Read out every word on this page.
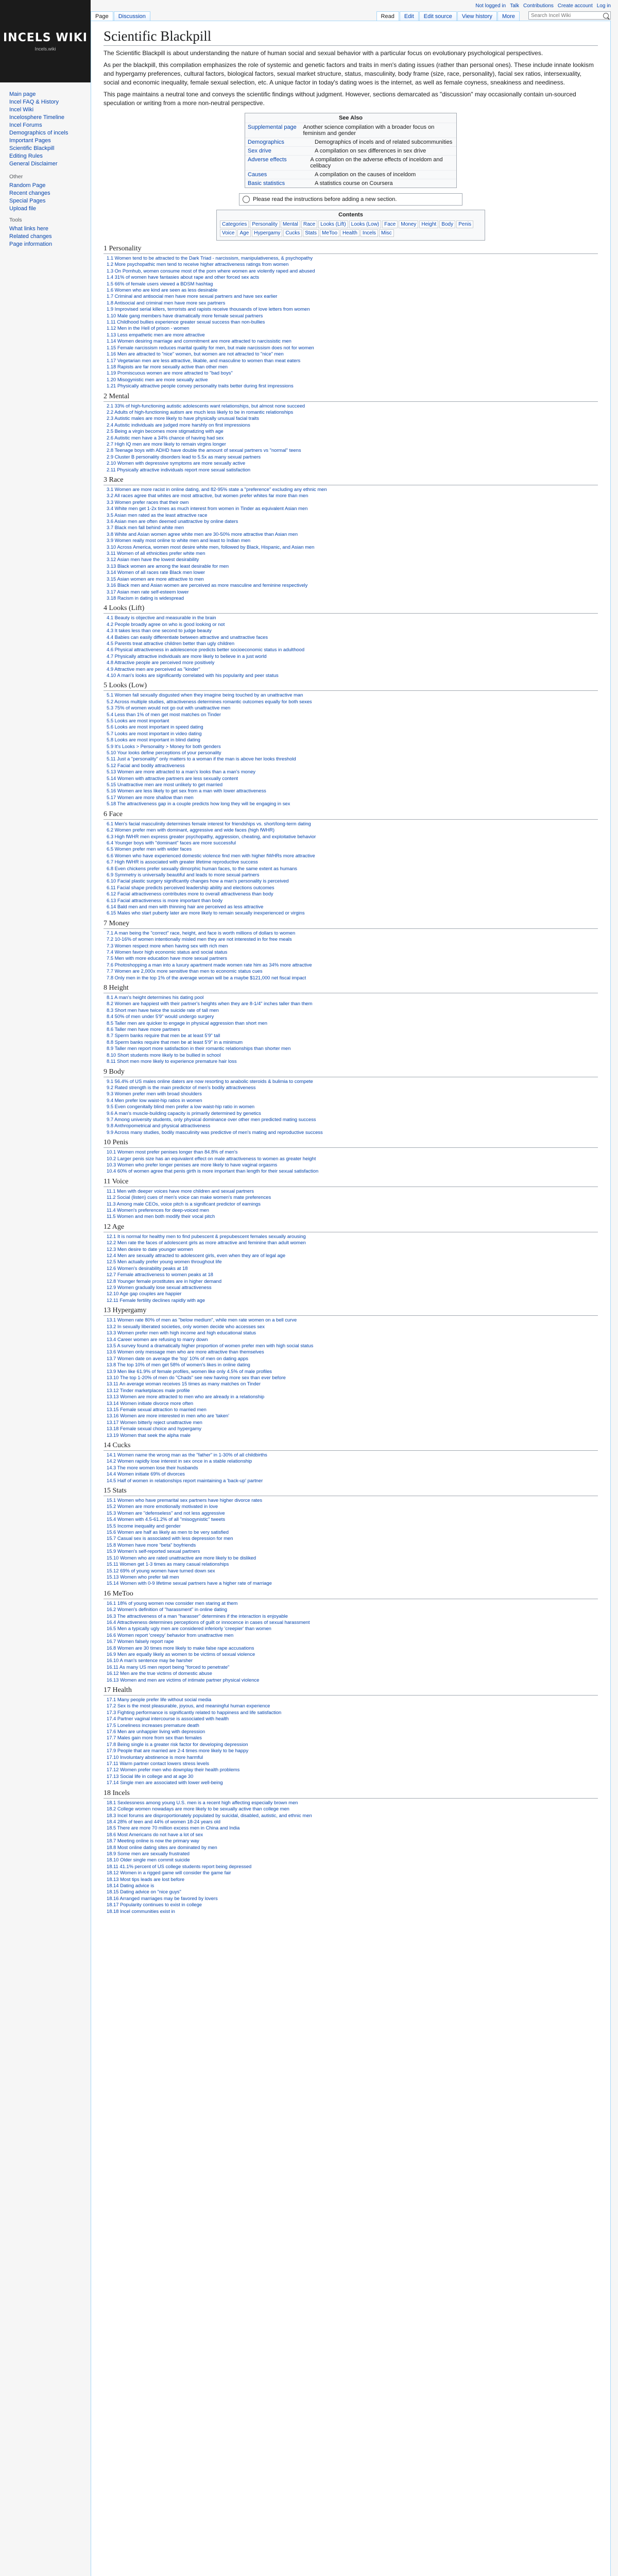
INCELS WIKI
Incels.wiki
Main page
Incel FAQ & History
Incel Wiki
Incelosphere Timeline
Incel Forums
Demographics of incels
Important Pages
Scientific Blackpill
Editing Rules
General Disclaimer
Other
Random Page
Recent changes
Special Pages
Upload file
Tools
What links here
Related changes
Page information
Not logged in Talk Contributions Create account Log in
Page	Discussion	Read	Edit	Edit source	View history	More
Search Incel Wiki
Scientific Blackpill

The Scientific Blackpill is about understanding the nature of human social and sexual behavior with a particular focus on evolutionary psychological perspectives.

As per the blackpill, this compilation emphasizes the role of systemic and genetic factors and traits in men's dating issues (rather than personal ones). These include innate lookism and hypergamy preferences, cultural factors, biological factors, sexual market structure, status, masculinity, body frame (size, race, personality), facial sex ratios, intersexuality, social and economic inequality, female sexual selection, etc. A unique factor in today's dating woes is the internet, as well as female coyness, sneakiness and neediness.

This page maintains a neutral tone and conveys the scientific findings without judgment. However, sections demarcated as "discussion" may occasionally contain un-sourced speculation or writing from a more non-neutral perspective.

See Also
Supplemental page	Another science compilation with a broader focus on feminism and gender
Demographics	Demographics of incels and of related subcommunities
Sex drive	A compilation on sex differences in sex drive
Adverse effects	A compilation on the adverse effects of inceldom and celibacy
Causes	A compilation on the causes of inceldom
Basic statistics	A statistics course on Coursera
Please read the instructions before adding a new section.
Contents
Categories	Personality	Mental	Race	Looks (Lift)	Looks (Low)	Face	Money	Height	Body	Penis
Voice	Age	Hypergamy	Cucks	Stats	MeToo	Health	Incels	Misc
1 Personality
1.1 Women tend to be attracted to the Dark Triad - narcissism, manipulativeness, & psychopathy
1.2 More psychopathic men tend to receive higher attractiveness ratings from women
1.3 On Pornhub, women consume most of the porn where women are violently raped and abused
1.4 31% of women have fantasies about rape and other forced sex acts
1.5 66% of female users viewed a BDSM hashtag
1.6 Women who are kind are seen as less desirable
1.7 Criminal and antisocial men have more sexual partners and have sex earlier
1.8 Antisocial and criminal men have more sex partners
1.9 Improvised serial killers, terrorists and rapists receive thousands of love letters from women
1.10 Male gang members have dramatically more female sexual partners
1.11 Childhood bullies experience greater sexual success than non-bullies
1.12 Men in the Hell of prison - women
1.13 Less empathetic men are more attractive
1.14 Women desiring marriage and commitment are more attracted to narcissistic men
1.15 Female narcissism reduces marital quality for men, but male narcissism does not for women
1.16 Men are attracted to "nice" women, but women are not attracted to "nice" men
1.17 Vegetarian men are less attractive, likable, and masculine to women than meat eaters
1.18 Rapists are far more sexually active than other men
1.19 Promiscuous women are more attracted to "bad boys"
1.20 Misogynistic men are more sexually active
1.21 Physically attractive people convey personality traits better during first impressions
2 Mental
2.1 33% of high-functioning autistic adolescents want relationships, but almost none succeed
2.2 Adults of high-functioning autism are much less likely to be in romantic relationships
2.3 Autistic males are more likely to have physically unusual facial traits
2.4 Autistic individuals are judged more harshly on first impressions
2.5 Being a virgin becomes more stigmatizing with age
2.6 Autistic men have a 34% chance of having had sex
2.7 High IQ men are more likely to remain virgins longer
2.8 Teenage boys with ADHD have double the amount of sexual partners vs "normal" teens
2.9 Cluster B personality disorders lead to 5.5x as many sexual partners
2.10 Women with depressive symptoms are more sexually active
2.11 Physically attractive individuals report more sexual satisfaction
3 Race
3.1 Women are more racist in online dating, and 82-95% state a "preference" excluding any ethnic men
3.2 All races agree that whites are most attractive, but women prefer whites far more than men
3.3 Women prefer races that their own
3.4 White men get 1-2x times as much interest from women in Tinder as equivalent Asian men
3.5 Asian men rated as the least attractive race
3.6 Asian men are often deemed unattractive by online daters
3.7 Black men fall behind white men
3.8 White and Asian women agree white men are 30-50% more attractive than Asian men
3.9 Women really most online to white men and least to Indian men
3.10 Across America, women most desire white men, followed by Black, Hispanic, and Asian men
3.11 Women of all ethnicities prefer white men
3.12 Asian men have the lowest desirability
3.13 Black women are among the least desirable for men
3.14 Women of all races rate Black men lower
3.15 Asian women are more attractive to men
3.16 Black men and Asian women are perceived as more masculine and feminine respectively
3.17 Asian men rate self-esteem lower
3.18 Racism in dating is widespread
4 Looks (Lift)
4.1 Beauty is objective and measurable in the brain
4.2 People broadly agree on who is good looking or not
4.3 It takes less than one second to judge beauty
4.4 Babies can easily differentiate between attractive and unattractive faces
4.5 Parents treat attractive children better than ugly children
4.6 Physical attractiveness in adolescence predicts better socioeconomic status in adulthood
4.7 Physically attractive individuals are more likely to believe in a just world
4.8 Attractive people are perceived more positively
4.9 Attractive men are perceived as "kinder"
4.10 A man's looks are significantly correlated with his popularity and peer status
5 Looks (Low)
5.1 Women fall sexually disgusted when they imagine being touched by an unattractive man
5.2 Across multiple studies, attractiveness determines romantic outcomes equally for both sexes
5.3 75% of women would not go out with unattractive men
5.4 Less than 1% of men get most matches on Tinder
5.5 Looks are most important
5.6 Looks are most important in speed dating
5.7 Looks are most important in video dating
5.8 Looks are most important in blind dating
5.9 It's Looks > Personality > Money for both genders
5.10 Your looks define perceptions of your personality
5.11 Just a "personality" only matters to a woman if the man is above her looks threshold
5.12 Facial and bodily attractiveness
5.13 Women are more attracted to a man's looks than a man's money
5.14 Women with attractive partners are less sexually content
5.15 Unattractive men are most unlikely to get married
5.16 Women are less likely to get sex from a man with lower attractiveness
5.17 Women are more shallow than men
5.18 The attractiveness gap in a couple predicts how long they will be engaging in sex
6 Face
6.1 Men's facial masculinity determines female interest for friendships vs. short/long-term dating
6.2 Women prefer men with dominant, aggressive and wide faces (high fWHR)
6.3 High fWHR men express greater psychopathy, aggression, cheating, and exploitative behavior
6.4 Younger boys with "dominant" faces are more successful
6.5 Women prefer men with wider faces
6.6 Women who have experienced domestic violence find men with higher fWHRs more attractive
6.7 High fWHR is associated with greater lifetime reproductive success
6.8 Even chickens prefer sexually dimorphic human faces, to the same extent as humans
6.9 Symmetry is universally beautiful and leads to more sexual partners
6.10 Facial plastic surgery significantly changes how a man's personality is perceived
6.11 Facial shape predicts perceived leadership ability and elections outcomes
6.12 Facial attractiveness contributes more to overall attractiveness than body
6.13 Facial attractiveness is more important than body
6.14 Bald men and men with thinning hair are perceived as less attractive
6.15 Males who start puberty later are more likely to remain sexually inexperienced or virgins
7 Money
7.1 A man being the "correct" race, height, and face is worth millions of dollars to women
7.2 10-16% of women intentionally misled men they are not interested in for free meals
7.3 Women respect more when having sex with rich men
7.4 Women favor high economic status and social status
7.5 Men with more education have more sexual partners
7.6 Photoshopping a man into a luxury apartment made women rate him as 34% more attractive
7.7 Women are 2,000x more sensitive than men to economic status cues
7.8 Only men in the top 1% of the average woman will be a maybe $121,000 net fiscal impact
8 Height
8.1 A man's height determines his dating pool
8.2 Women are happiest with their partner's heights when they are 8-1/4" inches taller than them
8.3 Short men have twice the suicide rate of tall men
8.4 50% of men under 5'9" would undergo surgery
8.5 Taller men are quicker to engage in physical aggression than short men
8.6 Taller men have more partners
8.7 Sperm banks require that men be at least 5'9" tall
8.8 Sperm banks require that men be at least 5'9" in a minimum
8.9 Taller men report more satisfaction in their romantic relationships than shorter men
8.10 Short students more likely to be bullied in school
8.11 Short men more likely to experience premature hair loss
9 Body
9.1 56.4% of US males online daters are now resorting to anabolic steroids & bulimia to compete
9.2 Rated strength is the main predictor of men's bodily attractiveness
9.3 Women prefer men with broad shoulders
9.4 Men prefer low waist-hip ratios in women
9.5 Even congenitally blind men prefer a low waist-hip ratio in women
9.6 A man's muscle-building capacity is primarily determined by genetics
9.7 Among university students, only physical dominance over other men predicted mating success
9.8 Anthropometrical and physical attractiveness
9.9 Across many studies, bodily masculinity was predictive of men's mating and reproductive success
10 Penis
10.1 Women most prefer penises longer than 84.8% of men's
10.2 Larger penis size has an equivalent effect on male attractiveness to women as greater height
10.3 Women who prefer longer penises are more likely to have vaginal orgasms
10.4 60% of women agree that penis girth is more important than length for their sexual satisfaction
11 Voice
11.1 Men with deeper voices have more children and sexual partners
11.2 Social (listen) cues of men's voice can make women's mate preferences
11.3 Among male CEOs, voice pitch is a significant predictor of earnings
11.4 Women's preferences for deep-voiced men
11.5 Women and men both modify their vocal pitch
12 Age
12.1 It is normal for healthy men to find pubescent & prepubescent females sexually arousing
12.2 Men rate the faces of adolescent girls as more attractive and feminine than adult women
12.3 Men desire to date younger women
12.4 Men are sexually attracted to adolescent girls, even when they are of legal age
12.5 Men actually prefer young women throughout life
12.6 Women's desirability peaks at 18
12.7 Female attractiveness to women peaks at 18
12.8 Younger female prostitutes are in higher demand
12.9 Women gradually lose sexual attractiveness
12.10 Age gap couples are happier
12.11 Female fertility declines rapidly with age
13 Hypergamy
13.1 Women rate 80% of men as "below medium", while men rate women on a bell curve
13.2 In sexually liberated societies, only women decide who accesses sex
13.3 Women prefer men with high income and high educational status
13.4 Career women are refusing to marry down
13.5 A survey found a dramatically higher proportion of women prefer men with high social status
13.6 Women only message men who are more attractive than themselves
13.7 Women date on average the 'top' 10% of men on dating apps
13.8 The top 10% of men get 58% of women's likes in online dating
13.9 Men like 61.9% of female profiles, women like only 4.5% of male profiles
13.10 The top 1-20% of men do "Chads" see new having more sex than ever before
13.11 An average woman receives 15 times as many matches on Tinder
13.12 Tinder marketplaces male profile
13.13 Women are more attracted to men who are already in a relationship
13.14 Women initiate divorce more often
13.15 Female sexual attraction to married men
13.16 Women are more interested in men who are 'taken'
13.17 Women bitterly reject unattractive men
13.18 Female sexual choice and hypergamy
13.19 Women that seek the alpha male
14 Cucks
14.1 Women name the wrong man as the "father" in 1-30% of all childbirths
14.2 Women rapidly lose interest in sex once in a stable relationship
14.3 The more women lose their husbands
14.4 Women initiate 69% of divorces
14.5 Half of women in relationships report maintaining a 'back-up' partner
15 Stats
15.1 Women who have premarital sex partners have higher divorce rates
15.2 Women are more emotionally motivated in love
15.3 Women are "defenseless" and not less aggressive
15.4 Women with 4.5-61.2% of all "misogynistic" tweets
15.5 Income inequality and gender
15.6 Women are half as likely as men to be very satisfied
15.7 Casual sex is associated with less depression for men
15.8 Women have more "beta" boyfriends
15.9 Women's self-reported sexual partners
15.10 Women who are rated unattractive are more likely to be disliked
15.11 Women get 1-3 times as many casual relationships
15.12 69% of young women have turned down sex
15.13 Women who prefer tall men
15.14 Women with 0-9 lifetime sexual partners have a higher rate of marriage
16 MeToo
16.1 18% of young women now consider men staring at them
16.2 Women's definition of "harassment" in online dating
16.3 The attractiveness of a man "harasser" determines if the interaction is enjoyable
16.4 Attractiveness determines perceptions of guilt or innocence in cases of sexual harassment
16.5 Men a typically ugly men are considered inferiorly 'creepier' than women
16.6 Women report 'creepy' behavior from unattractive men
16.7 Women falsely report rape
16.8 Women are 30 times more likely to make false rape accusations
16.9 Men are equally likely as women to be victims of sexual violence
16.10 A man's sentence may be harsher
16.11 As many US men report being "forced to penetrate"
16.12 Men are the true victims of domestic abuse
16.13 Women and men are victims of intimate partner physical violence
17 Health
17.1 Many people prefer life without social media
17.2 Sex is the most pleasurable, joyous, and meaningful human experience
17.3 Fighting performance is significantly related to happiness and life satisfaction
17.4 Partner vaginal intercourse is associated with health
17.5 Loneliness increases premature death
17.6 Men are unhappier living with depression
17.7 Males gain more from sex than females
17.8 Being single is a greater risk factor for developing depression
17.9 People that are married are 2-4 times more likely to be happy
17.10 Involuntary abstinence is more harmful
17.11 Warm partner contact lowers stress levels
17.12 Women prefer men who downplay their health problems
17.13 Social life in college and at age 30
17.14 Single men are associated with lower well-being
18 Incels
18.1 Sexlessness among young U.S. men is a recent high affecting especially brown men
18.2 College women nowadays are more likely to be sexually active than college men
18.3 Incel forums are disproportionately populated by suicidal, disabled, autistic, and ethnic men
18.4 28% of teen and 44% of women 18-24 years old
18.5 There are more 70 million excess men in China and India
18.6 Most Americans do not have a lot of sex
18.7 Meeting online is now the primary way
18.8 Most online dating sites are dominated by men
18.9 Some men are sexually frustrated
18.10 Older single men commit suicide
18.11 41.1% percent of US college students report being depressed
18.12 Women in a rigged game will consider the game fair
18.13 Most tips leads are lost before
18.14 Dating advice is
18.15 Dating advice on "nice guys"
18.16 Arranged marriages may be favored by lovers
18.17 Popularity continues to exist in college
18.18 Incel communities exist in
